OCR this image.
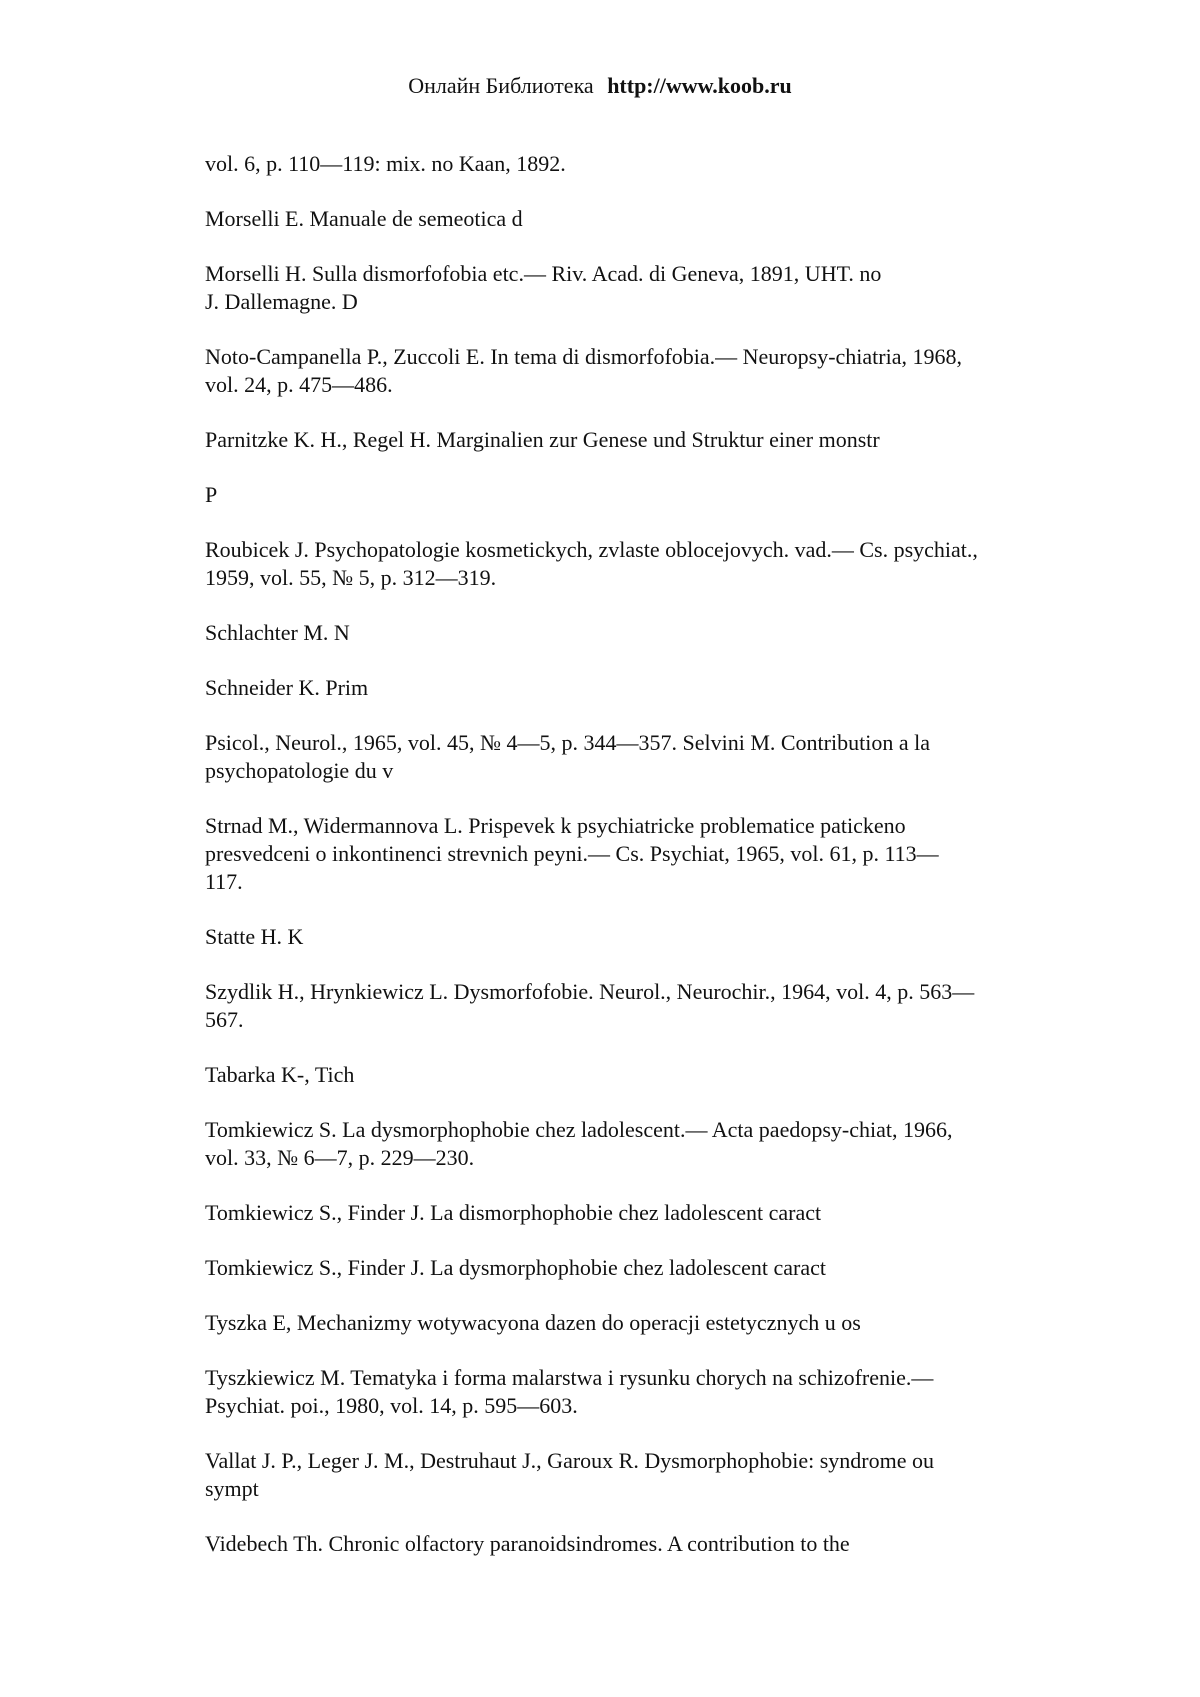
Онлайн Библиотека http://www.koob.ru
vol. 6, p. 110—119: mix. no Kaan, 1892.
Morselli E. Manuale de semeotica d
Morselli H. Sulla dismorfofobia etc.— Riv. Acad. di Geneva, 1891, UHT. no
J. Dallemagne. D
Noto-Campanella P., Zuccoli E. In tema di dismorfofobia.— Neuropsy-chiatria, 1968,
vol. 24, p. 475—486.
Parnitzke K. H., Regel H. Marginalien zur Genese und Struktur einer monstr
P
Roubicek J. Psychopatologie kosmetickych, zvlaste oblocejovych. vad.— Cs. psychiat.,
1959, vol. 55, № 5, p. 312—319.
Schlachter M. N
Schneider K. Prim
Psicol., Neurol., 1965, vol. 45, № 4—5, p. 344—357. Selvini M. Contribution a la
psychopatologie du v
Strnad M., Widermannova L. Prispevek k psychiatricke problematice patickeno
presvedceni o inkontinenci strevnich peyni.— Cs. Psychiat, 1965, vol. 61, p. 113—
117.
Statte H. K
Szydlik H., Hrynkiewicz L. Dysmorfofobie. Neurol., Neurochir., 1964, vol. 4, p. 563—
567.
Tabarka K-, Tich
Tomkiewicz S. La dysmorphophobie chez ladolescent.— Acta paedopsy-chiat, 1966,
vol. 33, № 6—7, p. 229—230.
Tomkiewicz S., Finder J. La dismorphophobie chez ladolescent caract
Tomkiewicz S., Finder J. La dysmorphophobie chez ladolescent caract
Tyszka E, Mechanizmy wotywacyona dazen do operacji estetycznych u os
Tyszkiewicz M. Tematyka i forma malarstwa i rysunku chorych na schizofrenie.—
Psychiat. poi., 1980, vol. 14, p. 595—603.
Vallat J. P., Leger J. M., Destruhaut J., Garoux R. Dysmorphophobie: syndrome ou
sympt
Videbech Th. Chronic olfactory paranoidsindromes. A contribution to the
